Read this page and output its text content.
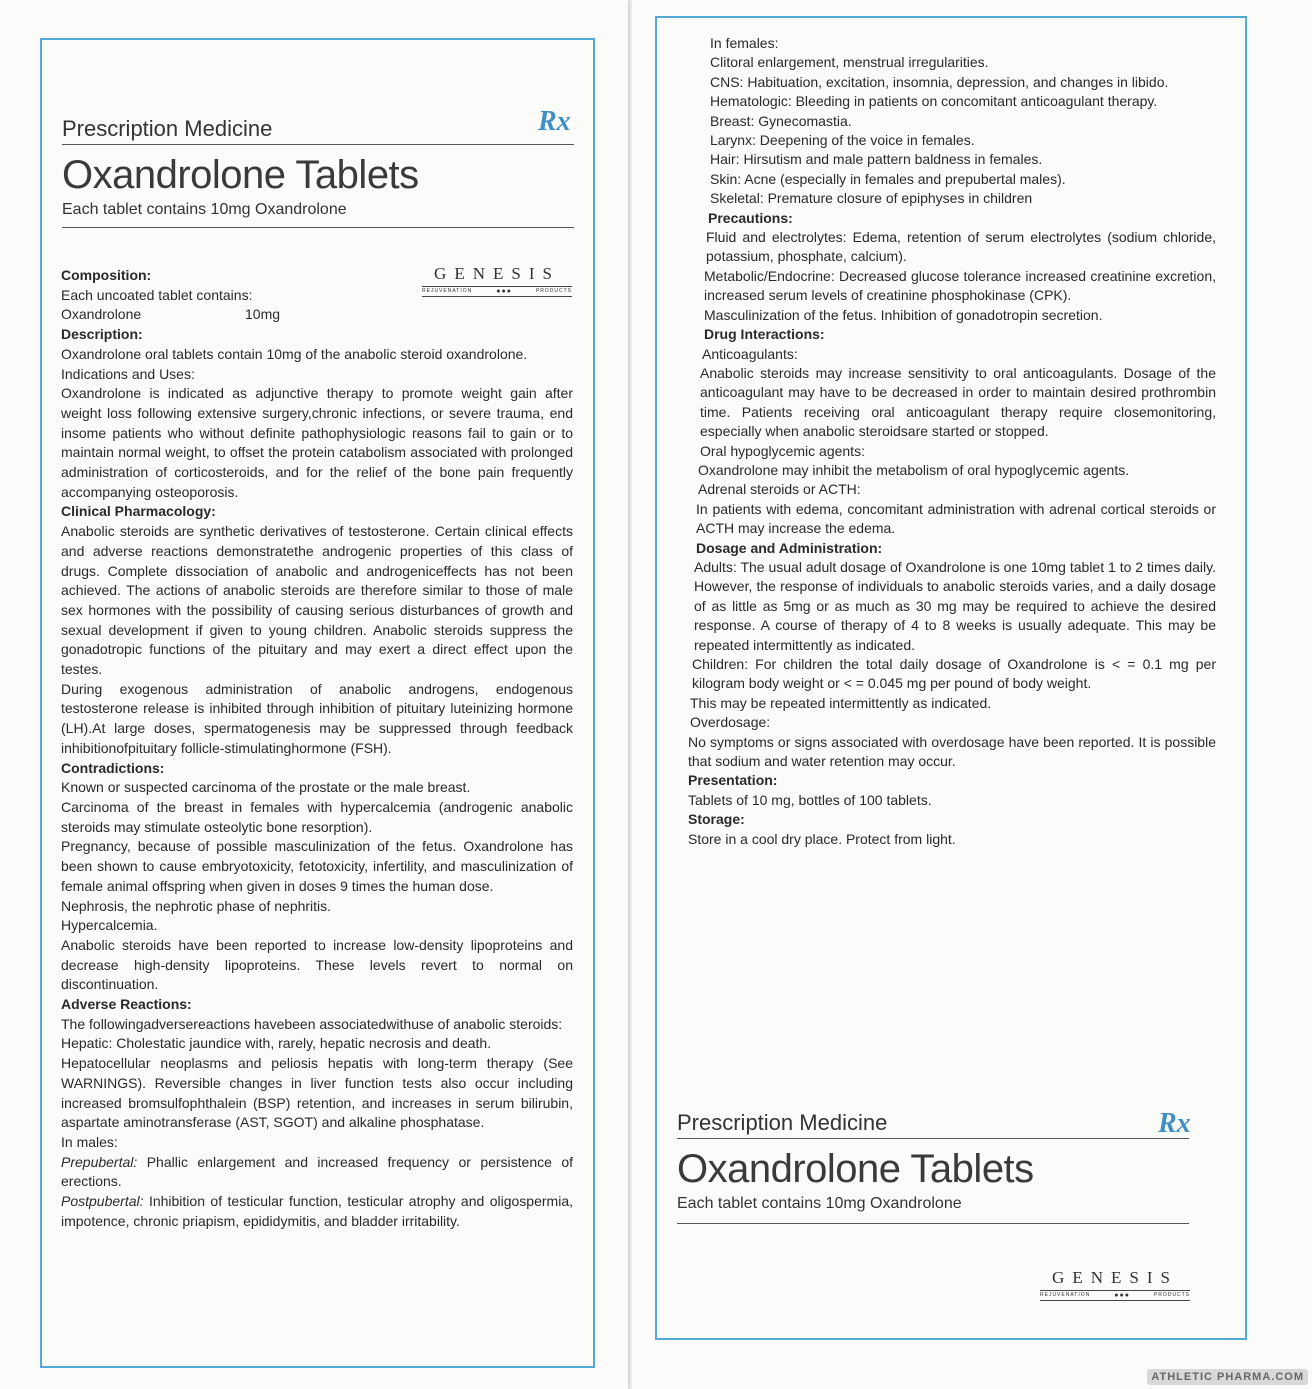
Prescription Medicine
Oxandrolone Tablets
Each tablet contains 10mg Oxandrolone
Rx
GENESIS
REJUVENATION	●●●	PRODUCTS

Composition:

Each uncoated tablet contains:

Oxandrolone	10mg

Description:

Oxandrolone oral tablets contain 10mg of the anabolic steroid oxandrolone.

Indications and Uses:

Oxandrolone is indicated as adjunctive therapy to promote weight gain after weight loss following extensive surgery,chronic infections, or severe trauma, end insome patients who without definite pathophysiologic reasons fail to gain or to maintain normal weight, to offset the protein catabolism associated with prolonged administration of corticosteroids, and for the relief of the bone pain frequently accompanying osteoporosis.

Clinical Pharmacology:

Anabolic steroids are synthetic derivatives of testosterone. Certain clinical effects and adverse reactions demonstratethe androgenic properties of this class of drugs. Complete dissociation of anabolic and androgeniceffects has not been achieved. The actions of anabolic steroids are therefore similar to those of male sex hormones with the possibility of causing serious disturbances of growth and sexual development if given to young children. Anabolic steroids suppress the gonadotropic functions of the pituitary and may exert a direct effect upon the testes.

During exogenous administration of anabolic androgens, endogenous testosterone release is inhibited through inhibition of pituitary luteinizing hormone (LH).At large doses, spermatogenesis may be suppressed through feedback inhibitionofpituitary follicle-stimulatinghormone (FSH).

Contradictions:

Known or suspected carcinoma of the prostate or the male breast.

Carcinoma of the breast in females with hypercalcemia (androgenic anabolic steroids may stimulate osteolytic bone resorption).

Pregnancy, because of possible masculinization of the fetus. Oxandrolone has been shown to cause embryotoxicity, fetotoxicity, infertility, and masculinization of female animal offspring when given in doses 9 times the human dose.

Nephrosis, the nephrotic phase of nephritis.

Hypercalcemia.

Anabolic steroids have been reported to increase low-density lipoproteins and decrease high-density lipoproteins. These levels revert to normal on discontinuation.

Adverse Reactions:

The followingadversereactions havebeen associatedwithuse of anabolic steroids:

Hepatic: Cholestatic jaundice with, rarely, hepatic necrosis and death.

Hepatocellular neoplasms and peliosis hepatis with long-term therapy (See WARNINGS). Reversible changes in liver function tests also occur including increased bromsulfophthalein (BSP) retention, and increases in serum bilirubin, aspartate aminotransferase (AST, SGOT) and alkaline phosphatase.

In males:

Prepubertal: Phallic enlargement and increased frequency or persistence of erections.

Postpubertal: Inhibition of testicular function, testicular atrophy and oligospermia, impotence, chronic priapism, epididymitis, and bladder irritability.

In females:

Clitoral enlargement, menstrual irregularities.

CNS: Habituation, excitation, insomnia, depression, and changes in libido.

Hematologic: Bleeding in patients on concomitant anticoagulant therapy.

Breast: Gynecomastia.

Larynx: Deepening of the voice in females.

Hair: Hirsutism and male pattern baldness in females.

Skin: Acne (especially in females and prepubertal males).

Skeletal: Premature closure of epiphyses in children

Precautions:

Fluid and electrolytes: Edema, retention of serum electrolytes (sodium chloride, potassium, phosphate, calcium).

Metabolic/Endocrine: Decreased glucose tolerance increased creatinine excretion, increased serum levels of creatinine phosphokinase (CPK).

Masculinization of the fetus. Inhibition of gonadotropin secretion.

Drug Interactions:

Anticoagulants:

Anabolic steroids may increase sensitivity to oral anticoagulants. Dosage of the anticoagulant may have to be decreased in order to maintain desired prothrombin time. Patients receiving oral anticoagulant therapy require closemonitoring, especially when anabolic steroidsare started or stopped.

Oral hypoglycemic agents:

Oxandrolone may inhibit the metabolism of oral hypoglycemic agents.

Adrenal steroids or ACTH:

In patients with edema, concomitant administration with adrenal cortical steroids or ACTH may increase the edema.

Dosage and Administration:

Adults: The usual adult dosage of Oxandrolone is one 10mg tablet 1 to 2 times daily. However, the response of individuals to anabolic steroids varies, and a daily dosage of as little as 5mg or as much as 30 mg may be required to achieve the desired response. A course of therapy of 4 to 8 weeks is usually adequate. This may be repeated intermittently as indicated.

Children: For children the total daily dosage of Oxandrolone is < = 0.1 mg per kilogram body weight or < = 0.045 mg per pound of body weight.

This may be repeated intermittently as indicated.

Overdosage:

No symptoms or signs associated with overdosage have been reported. It is possible that sodium and water retention may occur.

Presentation:

Tablets of 10 mg, bottles of 100 tablets.

Storage:

Store in a cool dry place. Protect from light.

Prescription Medicine
Oxandrolone Tablets
Each tablet contains 10mg Oxandrolone
Rx
GENESIS
REJUVENATION	●●●	PRODUCTS
ATHLETIC PHARMA.COM
